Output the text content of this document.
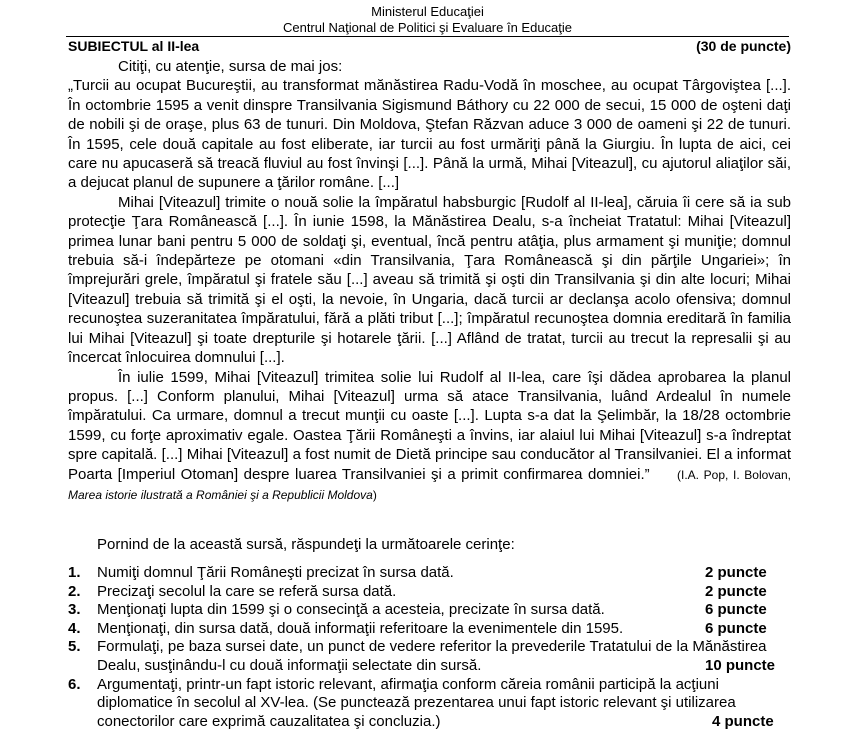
Ministerul Educaţiei
Centrul Naţional de Politici şi Evaluare în Educaţie
SUBIECTUL al II-lea	(30 de puncte)

Citiţi, cu atenţie, sursa de mai jos:

„Turcii au ocupat Bucureştii, au transformat mănăstirea Radu-Vodă în moschee, au ocupat Târgoviştea [...]. În octombrie 1595 a venit dinspre Transilvania Sigismund Báthory cu 22 000 de secui, 15 000 de oşteni daţi de nobili şi de oraşe, plus 63 de tunuri. Din Moldova, Ştefan Răzvan aduce 3 000 de oameni şi 22 de tunuri. În 1595, cele două capitale au fost eliberate, iar turcii au fost urmăriţi până la Giurgiu. În lupta de aici, cei care nu apucaseră să treacă fluviul au fost învinşi [...]. Până la urmă, Mihai [Viteazul], cu ajutorul aliaţilor săi, a dejucat planul de supunere a ţărilor române. [...]

Mihai [Viteazul] trimite o nouă solie la împăratul habsburgic [Rudolf al II-lea], căruia îi cere să ia sub protecţie Ţara Românească [...]. În iunie 1598, la Mănăstirea Dealu, s-a încheiat Tratatul: Mihai [Viteazul] primea lunar bani pentru 5 000 de soldaţi şi, eventual, încă pentru atâţia, plus armament şi muniţie; domnul trebuia să-i îndepărteze pe otomani «din Transilvania, Ţara Românească şi din părţile Ungariei»; în împrejurări grele, împăratul şi fratele său [...] aveau să trimită şi oşti din Transilvania şi din alte locuri; Mihai [Viteazul] trebuia să trimită şi el oşti, la nevoie, în Ungaria, dacă turcii ar declanşa acolo ofensiva; domnul recunoştea suzeranitatea împăratului, fără a plăti tribut [...]; împăratul recunoştea domnia ereditară în familia lui Mihai [Viteazul] şi toate drepturile şi hotarele ţării. [...] Aflând de tratat, turcii au trecut la represalii şi au încercat înlocuirea domnului [...].

În iulie 1599, Mihai [Viteazul] trimitea solie lui Rudolf al II-lea, care îşi dădea aprobarea la planul propus. [...] Conform planului, Mihai [Viteazul] urma să atace Transilvania, luând Ardealul în numele împăratului. Ca urmare, domnul a trecut munţii cu oaste [...]. Lupta s-a dat la Şelimbăr, la 18/28 octombrie 1599, cu forţe aproximativ egale. Oastea Ţării Româneşti a învins, iar alaiul lui Mihai [Viteazul] s-a îndreptat spre capitală. [...] Mihai [Viteazul] a fost numit de Dietă principe sau conducător al Transilvaniei. El a informat Poarta [Imperiul Otoman] despre luarea Transilvaniei şi a primit confirmarea domniei.” (I.A. Pop, I. Bolovan, Marea istorie ilustrată a României şi a Republicii Moldova)

Pornind de la această sursă, răspundeţi la următoarele cerinţe:
1.	Numiţi domnul Ţării Româneşti precizat în sursa dată.	2 puncte
2.	Precizaţi secolul la care se referă sursa dată.	2 puncte
3.	Menţionaţi lupta din 1599 şi o consecinţă a acesteia, precizate în sursa dată.	6 puncte
4.	Menţionaţi, din sursa dată, două informaţii referitoare la evenimentele din 1595.	6 puncte
5.	Formulaţi, pe baza sursei date, un punct de vedere referitor la prevederile Tratatului de la Mănăstirea Dealu, susţinându-l cu două informaţii selectate din sursă.	10 puncte
6.	Argumentaţi, printr-un fapt istoric relevant, afirmaţia conform căreia românii participă la acţiuni diplomatice în secolul al XV-lea. (Se punctează prezentarea unui fapt istoric relevant şi utilizarea conectorilor care exprimă cauzalitatea şi concluzia.)	4 puncte
